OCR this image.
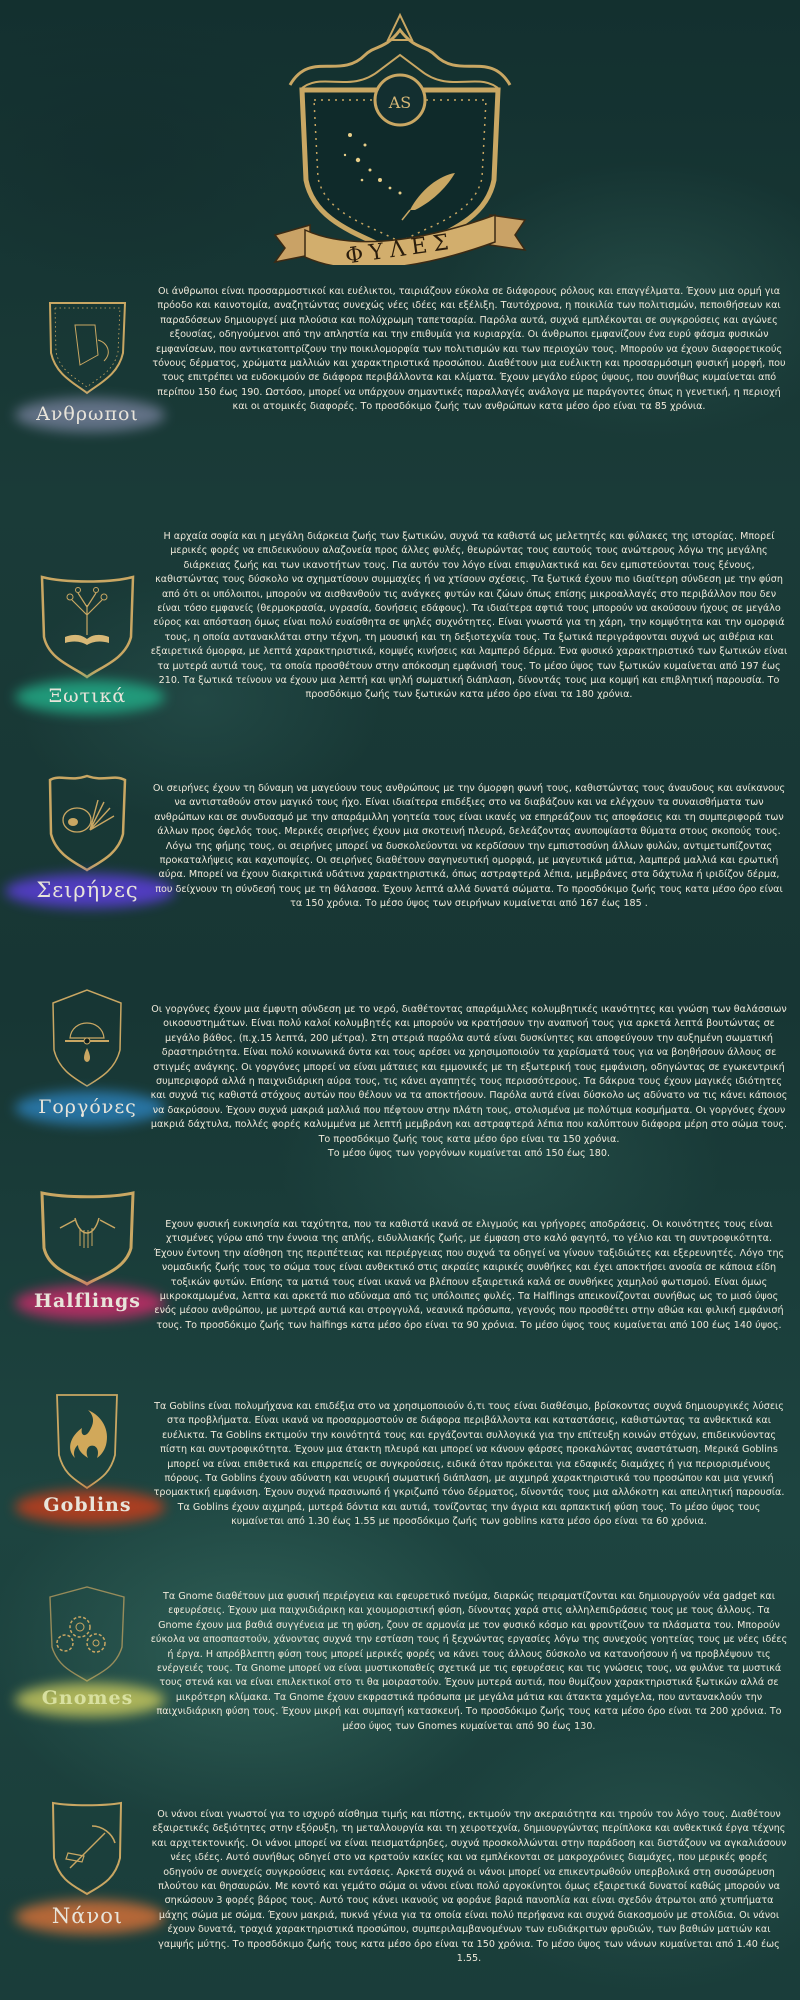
AS
ΦΥΛΕΣ
Ανθρωποι
Οι άνθρωποι είναι προσαρμοστικοί και ευέλικτοι, ταιριάζουν εύκολα σε διάφορους ρόλους και επαγγέλματα. Έχουν μια ορμή για πρόοδο και καινοτομία, αναζητώντας συνεχώς νέες ιδέες και εξέλιξη. Ταυτόχρονα, η ποικιλία των πολιτισμών, πεποιθήσεων και παραδόσεων δημιουργεί μια πλούσια και πολύχρωμη ταπετσαρία. Παρόλα αυτά, συχνά εμπλέκονται σε συγκρούσεις και αγώνες εξουσίας, οδηγούμενοι από την απληστία και την επιθυμία για κυριαρχία. Οι άνθρωποι εμφανίζουν ένα ευρύ φάσμα φυσικών εμφανίσεων, που αντικατοπτρίζουν την ποικιλομορφία των πολιτισμών και των περιοχών τους. Μπορούν να έχουν διαφορετικούς τόνους δέρματος, χρώματα μαλλιών και χαρακτηριστικά προσώπου. Διαθέτουν μια ευέλικτη και προσαρμόσιμη φυσική μορφή, που τους επιτρέπει να ευδοκιμούν σε διάφορα περιβάλλοντα και κλίματα. Έχουν μεγάλο εύρος ύψους, που συνήθως κυμαίνεται από περίπου 150 έως 190. Ωστόσο, μπορεί να υπάρχουν σημαντικές παραλλαγές ανάλογα με παράγοντες όπως η γενετική, η περιοχή και οι ατομικές διαφορές. Το προσδόκιμο ζωής των ανθρώπων κατα μέσο όρο είναι τα 85 χρόνια.
Ξωτικά
Η αρχαία σοφία και η μεγάλη διάρκεια ζωής των ξωτικών, συχνά τα καθιστά ως μελετητές και φύλακες της ιστορίας. Μπορεί μερικές φορές να επιδεικνύουν αλαζονεία προς άλλες φυλές, θεωρώντας τους εαυτούς τους ανώτερους λόγω της μεγάλης διάρκειας ζωής και των ικανοτήτων τους. Για αυτόν τον λόγο είναι επιφυλακτικά και δεν εμπιστεύονται τους ξένους, καθιστώντας τους δύσκολο να σχηματίσουν συμμαχίες ή να χτίσουν σχέσεις. Τα ξωτικά έχουν πιο ιδιαίτερη σύνδεση με την φύση από ότι οι υπόλοιποι, μπορούν να αισθανθούν τις ανάγκες φυτών και ζώων όπως επίσης μικροαλλαγές στο περιβάλλον που δεν είναι τόσο εμφανείς (θερμοκρασία, υγρασία, δονήσεις εδάφους). Τα ιδιαίτερα αφτιά τους μπορούν να ακούσουν ήχους σε μεγάλο εύρος και απόσταση όμως είναι πολύ ευαίσθητα σε ψηλές συχνότητες. Είναι γνωστά για τη χάρη, την κομψότητα και την ομορφιά τους, η οποία αντανακλάται στην τέχνη, τη μουσική και τη δεξιοτεχνία τους. Τα ξωτικά περιγράφονται συχνά ως αιθέρια και εξαιρετικά όμορφα, με λεπτά χαρακτηριστικά, κομψές κινήσεις και λαμπερό δέρμα. Ένα φυσικό χαρακτηριστικό των ξωτικών είναι τα μυτερά αυτιά τους, τα οποία προσθέτουν στην απόκοσμη εμφάνισή τους. Το μέσο ύψος των ξωτικών κυμαίνεται από 197 έως 210. Τα ξωτικά τείνουν να έχουν μια λεπτή και ψηλή σωματική διάπλαση, δίνοντάς τους μια κομψή και επιβλητική παρουσία. Το προσδόκιμο ζωής των ξωτικών κατα μέσο όρο είναι τα 180 χρόνια.
Σειρήνες
Οι σειρήνες έχουν τη δύναμη να μαγεύουν τους ανθρώπους με την όμορφη φωνή τους, καθιστώντας τους άναυδους και ανίκανους να αντισταθούν στον μαγικό τους ήχο. Είναι ιδιαίτερα επιδέξιες στο να διαβάζουν και να ελέγχουν τα συναισθήματα των ανθρώπων και σε συνδυασμό με την απαράμιλλη γοητεία τους είναι ικανές να επηρεάζουν τις αποφάσεις και τη συμπεριφορά των άλλων προς όφελός τους. Μερικές σειρήνες έχουν μια σκοτεινή πλευρά, δελεάζοντας ανυποψίαστα θύματα στους σκοπούς τους. Λόγω της φήμης τους, οι σειρήνες μπορεί να δυσκολεύονται να κερδίσουν την εμπιστοσύνη άλλων φυλών, αντιμετωπίζοντας προκαταλήψεις και καχυποψίες. Οι σειρήνες διαθέτουν σαγηνευτική ομορφιά, με μαγευτικά μάτια, λαμπερά μαλλιά και ερωτική αύρα. Μπορεί να έχουν διακριτικά υδάτινα χαρακτηριστικά, όπως αστραφτερά λέπια, μεμβράνες στα δάχτυλα ή ιριδίζον δέρμα, που δείχνουν τη σύνδεσή τους με τη θάλασσα. Έχουν λεπτά αλλά δυνατά σώματα. Το προσδόκιμο ζωής τους κατα μέσο όρο είναι τα 150 χρόνια. Το μέσο ύψος των σειρήνων κυμαίνεται από 167 έως 185 .
Γοργόνες
Οι γοργόνες έχουν μια έμφυτη σύνδεση με το νερό, διαθέτοντας απαράμιλλες κολυμβητικές ικανότητες και γνώση των θαλάσσιων οικοσυστημάτων. Είναι πολύ καλοί κολυμβητές και μπορούν να κρατήσουν την αναπνοή τους για αρκετά λεπτά βουτώντας σε μεγάλο βάθος. (π.χ.15 λεπτά, 200 μέτρα). Στη στεριά παρόλα αυτά είναι δυσκίνητες και αποφεύγουν την αυξημένη σωματική δραστηριότητα. Είναι πολύ κοινωνικά όντα και τους αρέσει να χρησιμοποιούν τα χαρίσματά τους για να βοηθήσουν άλλους σε στιγμές ανάγκης. Οι γοργόνες μπορεί να είναι μάταιες και εμμονικές με τη εξωτερική τους εμφάνιση, οδηγώντας σε εγωκεντρική συμπεριφορά αλλά η παιχνιδιάρικη αύρα τους, τις κάνει αγαπητές τους περισσότερους. Τα δάκρυα τους έχουν μαγικές ιδιότητες και συχνά τις καθιστά στόχους αυτών που θέλουν να τα αποκτήσουν. Παρόλα αυτά είναι δύσκολο ως αδύνατο να τις κάνει κάποιος να δακρύσουν. Έχουν συχνά μακριά μαλλιά που πέφτουν στην πλάτη τους, στολισμένα με πολύτιμα κοσμήματα. Οι γοργόνες έχουν μακριά δάχτυλα, πολλές φορές καλυμμένα με λεπτή μεμβράνη και αστραφτερά λέπια που καλύπτουν διάφορα μέρη στο σώμα τους. Το προσδόκιμο ζωής τους κατα μέσο όρο είναι τα 150 χρόνια.
Το μέσο ύψος των γοργόνων κυμαίνεται από 150 έως 180.
Halflings
Εχουν φυσική ευκινησία και ταχύτητα, που τα καθιστά ικανά σε ελιγμούς και γρήγορες αποδράσεις. Οι κοινότητες τους είναι χτισμένες γύρω από την έννοια της απλής, ειδυλλιακής ζωής, με έμφαση στο καλό φαγητό, το γέλιο και τη συντροφικότητα. Έχουν έντονη την αίσθηση της περιπέτειας και περιέργειας που συχνά τα οδηγεί να γίνουν ταξιδιώτες και εξερευνητές. Λόγο της νομαδικής ζωής τους το σώμα τους είναι ανθεκτικό στις ακραίες καιρικές συνθήκες και έχει αποκτήσει ανοσία σε κάποια είδη τοξικών φυτών. Επίσης τα ματιά τους είναι ικανά να βλέπουν εξαιρετικά καλά σε συνθήκες χαμηλού φωτισμού. Είναι όμως μικροκαμωμένα, λεπτα και αρκετά πιο αδύναμα από τις υπόλοιπες φυλές. Τα Halflings απεικονίζονται συνήθως ως το μισό ύψος ενός μέσου ανθρώπου, με μυτερά αυτιά και στρογγυλά, νεανικά πρόσωπα, γεγονός που προσθέτει στην αθώα και φιλική εμφάνισή τους. Το προσδόκιμο ζωής των halfings κατα μέσο όρο είναι τα 90 χρόνια. Το μέσο ύψος τους κυμαίνεται από 100 έως 140 ύψος.
Goblins
Τα Goblins είναι πολυμήχανα και επιδέξια στο να χρησιμοποιούν ό,τι τους είναι διαθέσιμο, βρίσκοντας συχνά δημιουργικές λύσεις στα προβλήματα. Είναι ικανά να προσαρμοστούν σε διάφορα περιβάλλοντα και καταστάσεις, καθιστώντας τα ανθεκτικά και ευέλικτα. Τα Goblins εκτιμούν την κοινότητά τους και εργάζονται συλλογικά για την επίτευξη κοινών στόχων, επιδεικνύοντας πίστη και συντροφικότητα. Έχουν μια άτακτη πλευρά και μπορεί να κάνουν φάρσες προκαλώντας αναστάτωση. Μερικά Goblins μπορεί να είναι επιθετικά και επιρρεπείς σε συγκρούσεις, ειδικά όταν πρόκειται για εδαφικές διαμάχες ή για περιορισμένους πόρους. Τα Goblins έχουν αδύνατη και νευρική σωματική διάπλαση, με αιχμηρά χαρακτηριστικά του προσώπου και μια γενική τρομακτική εμφάνιση. Έχουν συχνά πρασινωπό ή γκριζωπό τόνο δέρματος, δίνοντάς τους μια αλλόκοτη και απειλητική παρουσία. Τα Goblins έχουν αιχμηρά, μυτερά δόντια και αυτιά, τονίζοντας την άγρια και αρπακτική φύση τους. Το μέσο ύψος τους κυμαίνεται από 1.30 έως 1.55 με προσδόκιμο ζωής των goblins κατα μέσο όρο είναι τα 60 χρόνια.
Gnomes
Τα Gnome διαθέτουν μια φυσική περιέργεια και εφευρετικό πνεύμα, διαρκώς πειραματίζονται και δημιουργούν νέα gadget και εφευρέσεις. Έχουν μια παιχνιδιάρικη και χιουμοριστική φύση, δίνοντας χαρά στις αλληλεπιδράσεις τους με τους άλλους. Τα Gnome έχουν μια βαθιά συγγένεια με τη φύση, ζουν σε αρμονία με τον φυσικό κόσμο και φροντίζουν τα πλάσματα του. Μπορούν εύκολα να αποσπαστούν, χάνοντας συχνά την εστίαση τους ή ξεχνώντας εργασίες λόγω της συνεχούς γοητείας τους με νέες ιδέες ή έργα. Η απρόβλεπτη φύση τους μπορεί μερικές φορές να κάνει τους άλλους δύσκολο να κατανοήσουν ή να προβλέψουν τις ενέργειές τους. Τα Gnome μπορεί να είναι μυστικοπαθείς σχετικά με τις εφευρέσεις και τις γνώσεις τους, να φυλάνε τα μυστικά τους στενά και να είναι επιλεκτικοί στο τι θα μοιραστούν. Έχουν μυτερά αυτιά, που θυμίζουν χαρακτηριστικά ξωτικών αλλά σε μικρότερη κλίμακα. Τα Gnome έχουν εκφραστικά πρόσωπα με μεγάλα μάτια και άτακτα χαμόγελα, που αντανακλούν την παιχνιδιάρικη φύση τους. Έχουν μικρή και συμπαγή κατασκευή. Το προσδόκιμο ζωής τους κατα μέσο όρο είναι τα 200 χρόνια. Το μέσο ύψος των Gnomes κυμαίνεται από 90 έως 130.
Νάνοι
Οι νάνοι είναι γνωστοί για το ισχυρό αίσθημα τιμής και πίστης, εκτιμούν την ακεραιότητα και τηρούν τον λόγο τους. Διαθέτουν εξαιρετικές δεξιότητες στην εξόρυξη, τη μεταλλουργία και τη χειροτεχνία, δημιουργώντας περίπλοκα και ανθεκτικά έργα τέχνης και αρχιτεκτονικής. Οι νάνοι μπορεί να είναι πεισματάρηδες, συχνά προσκολλώνται στην παράδοση και διστάζουν να αγκαλιάσουν νέες ιδέες. Αυτό συνήθως οδηγεί στο να κρατούν κακίες και να εμπλέκονται σε μακροχρόνιες διαμάχες, που μερικές φορές οδηγούν σε συνεχείς συγκρούσεις και εντάσεις. Αρκετά συχνά οι νάνοι μπορεί να επικεντρωθούν υπερβολικά στη συσσώρευση πλούτου και θησαυρών. Με κοντό και γεμάτο σώμα οι νάνοι είναι πολύ αργοκίνητοι όμως εξαιρετικά δυνατοί καθώς μπορούν να σηκώσουν 3 φορές βάρος τους. Αυτό τους κάνει ικανούς να φοράνε βαριά πανοπλία και είναι σχεδόν άτρωτοι από χτυπήματα μάχης σώμα με σώμα. Έχουν μακριά, πυκνά γένια για τα οποία είναι πολύ περήφανα και συχνά διακοσμούν με στολίδια. Οι νάνοι έχουν δυνατά, τραχιά χαρακτηριστικά προσώπου, συμπεριλαμβανομένων των ευδιάκριτων φρυδιών, των βαθιών ματιών και γαμψής μύτης. Το προσδόκιμο ζωής τους κατα μέσο όρο είναι τα 150 χρόνια. Το μέσο ύψος των νάνων κυμαίνεται από 1.40 έως 1.55.
